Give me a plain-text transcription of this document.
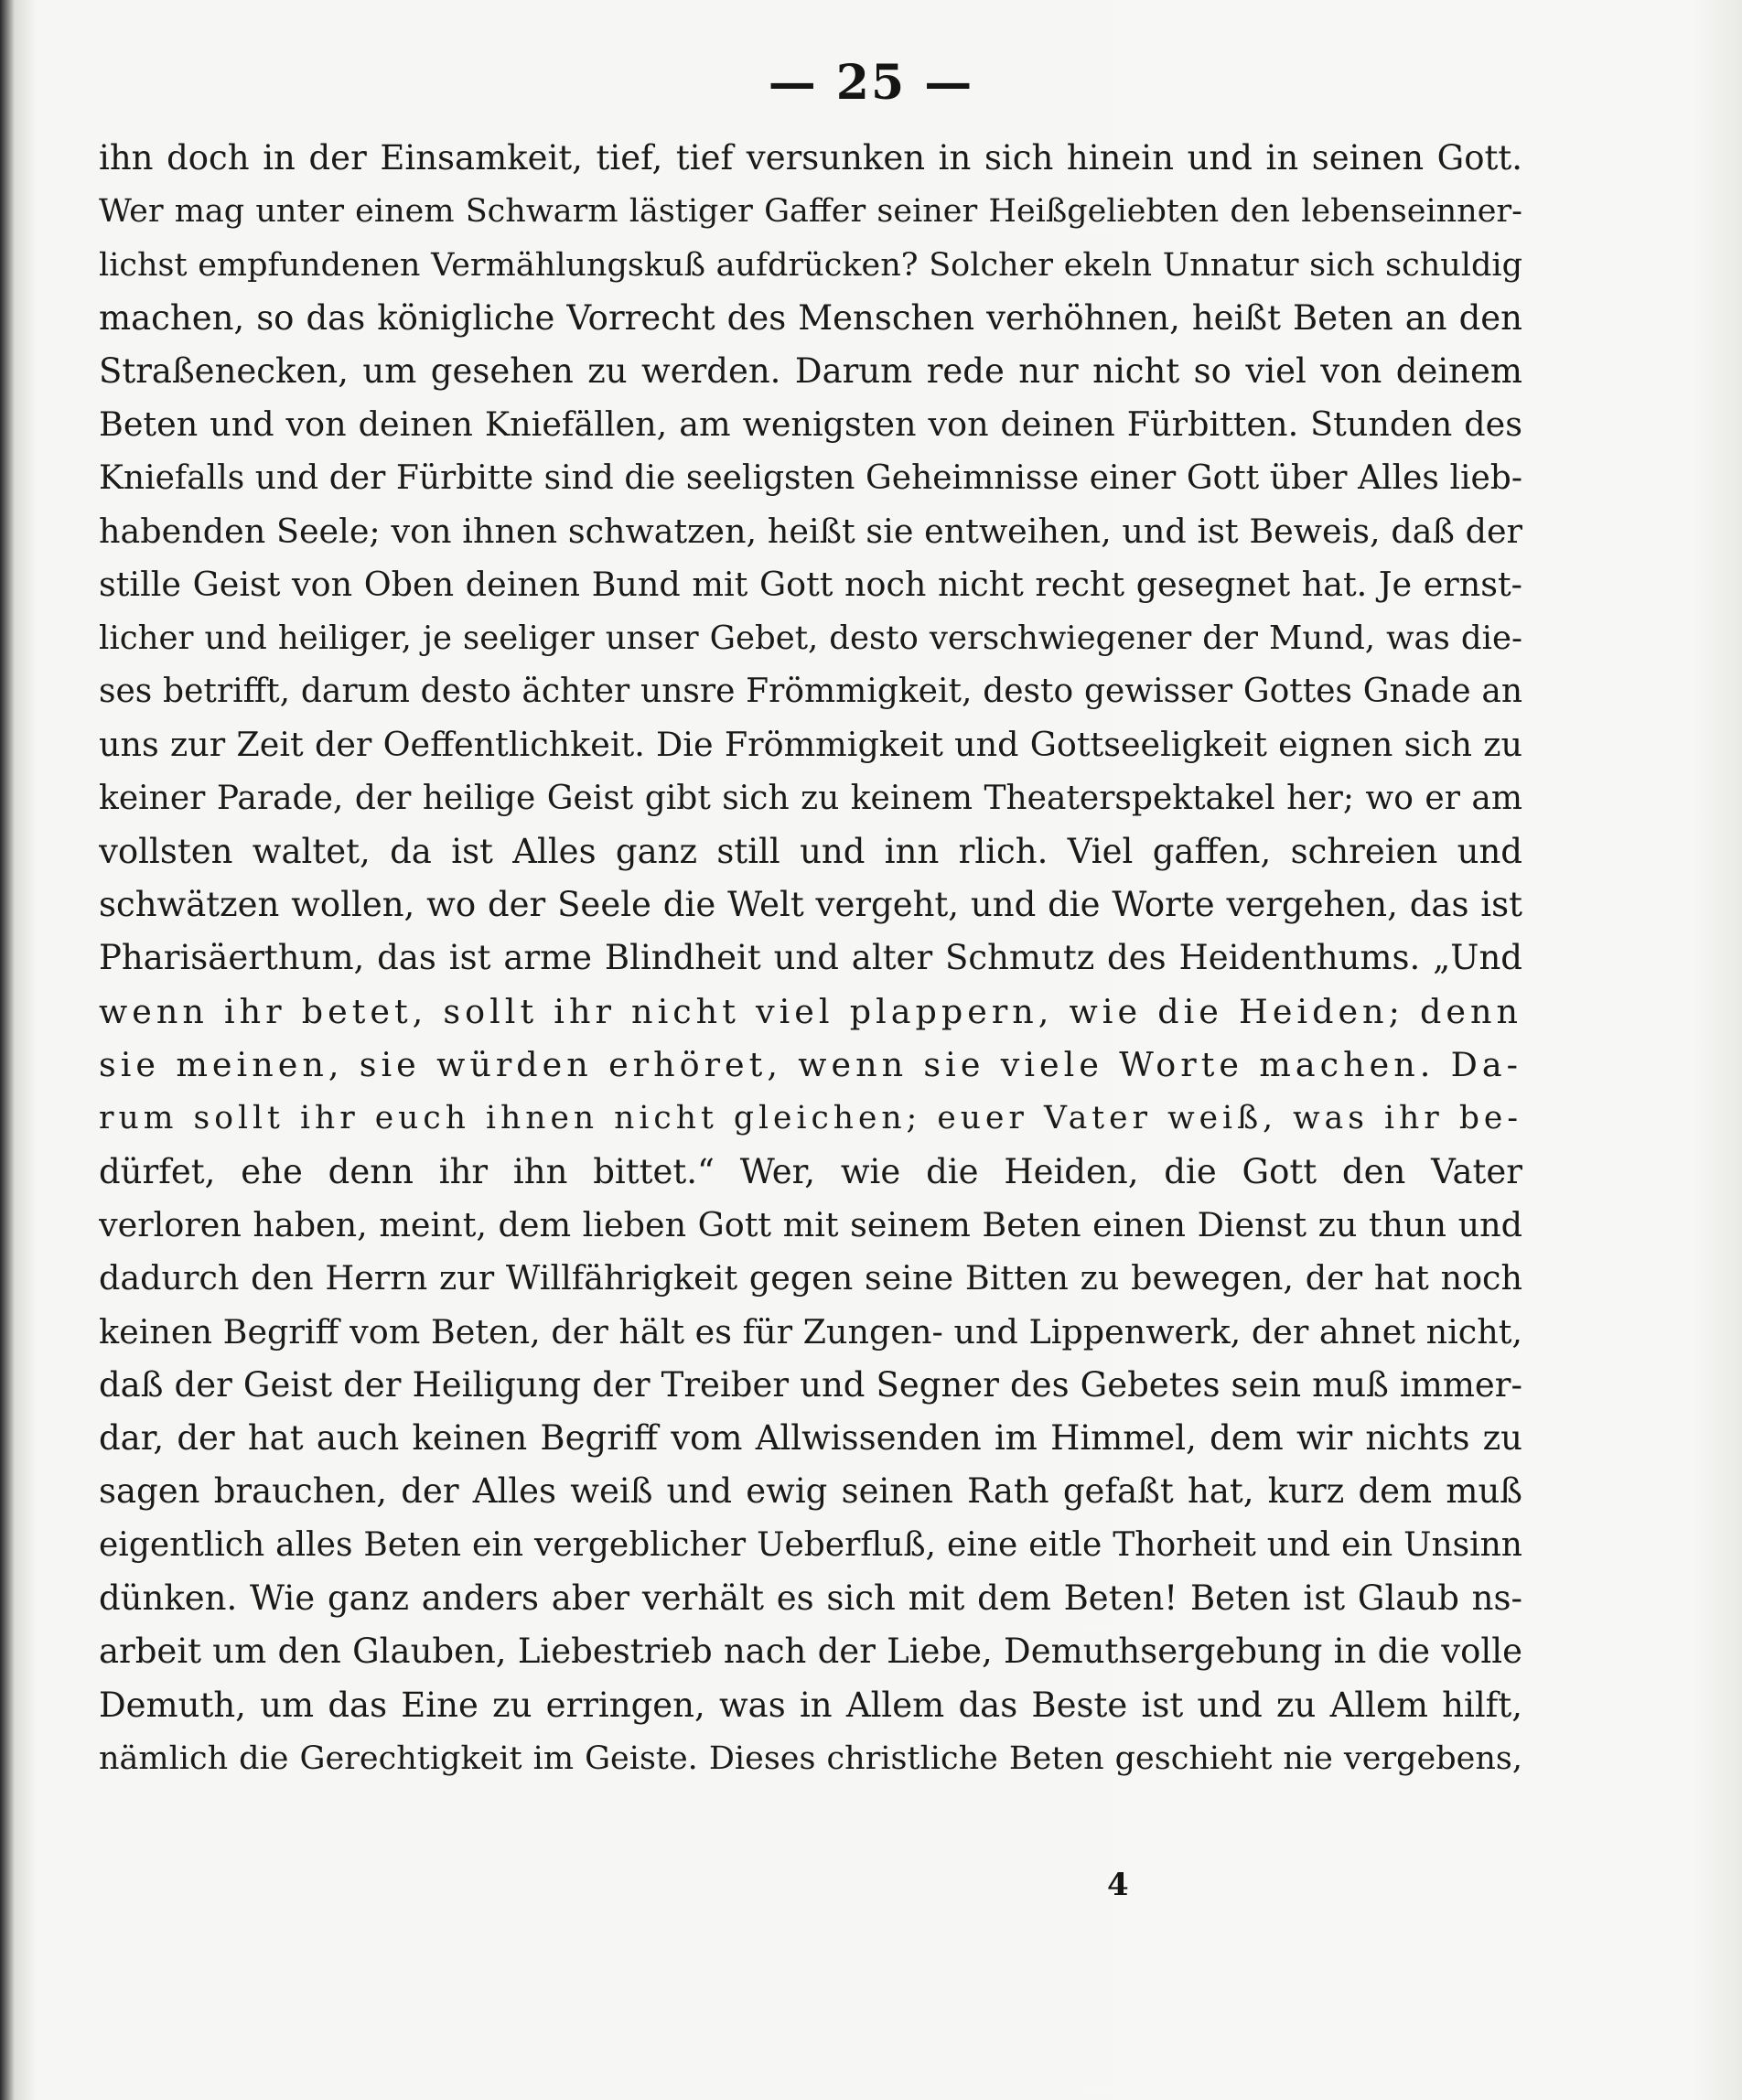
— 25 —
ihn doch in der Einsamkeit, tief, tief versunken in sich hinein und in seinen Gott.
Wer mag unter einem Schwarm lästiger Gaffer seiner Heißgeliebten den lebenseinner-
lichst empfundenen Vermählungskuß aufdrücken? Solcher ekeln Unnatur sich schuldig
machen, so das königliche Vorrecht des Menschen verhöhnen, heißt Beten an den
Straßenecken, um gesehen zu werden. Darum rede nur nicht so viel von deinem
Beten und von deinen Kniefällen, am wenigsten von deinen Fürbitten. Stunden des
Kniefalls und der Fürbitte sind die seeligsten Geheimnisse einer Gott über Alles lieb-
habenden Seele; von ihnen schwatzen, heißt sie entweihen, und ist Beweis, daß der
stille Geist von Oben deinen Bund mit Gott noch nicht recht gesegnet hat. Je ernst-
licher und heiliger, je seeliger unser Gebet, desto verschwiegener der Mund, was die-
ses betrifft, darum desto ächter unsre Frömmigkeit, desto gewisser Gottes Gnade an
uns zur Zeit der Oeffentlichkeit. Die Frömmigkeit und Gottseeligkeit eignen sich zu
keiner Parade, der heilige Geist gibt sich zu keinem Theaterspektakel her; wo er am
vollsten waltet, da ist Alles ganz still und inn rlich. Viel gaffen, schreien und
schwätzen wollen, wo der Seele die Welt vergeht, und die Worte vergehen, das ist
Pharisäerthum, das ist arme Blindheit und alter Schmutz des Heidenthums. „Und
wenn ihr betet, sollt ihr nicht viel plappern, wie die Heiden; denn
sie meinen, sie würden erhöret, wenn sie viele Worte machen. Da-
rum sollt ihr euch ihnen nicht gleichen; euer Vater weiß, was ihr be-
dürfet, ehe denn ihr ihn bittet.“ Wer, wie die Heiden, die Gott den Vater
verloren haben, meint, dem lieben Gott mit seinem Beten einen Dienst zu thun und
dadurch den Herrn zur Willfährigkeit gegen seine Bitten zu bewegen, der hat noch
keinen Begriff vom Beten, der hält es für Zungen- und Lippenwerk, der ahnet nicht,
daß der Geist der Heiligung der Treiber und Segner des Gebetes sein muß immer-
dar, der hat auch keinen Begriff vom Allwissenden im Himmel, dem wir nichts zu
sagen brauchen, der Alles weiß und ewig seinen Rath gefaßt hat, kurz dem muß
eigentlich alles Beten ein vergeblicher Ueberfluß, eine eitle Thorheit und ein Unsinn
dünken. Wie ganz anders aber verhält es sich mit dem Beten! Beten ist Glaub ns-
arbeit um den Glauben, Liebestrieb nach der Liebe, Demuthsergebung in die volle
Demuth, um das Eine zu erringen, was in Allem das Beste ist und zu Allem hilft,
nämlich die Gerechtigkeit im Geiste. Dieses christliche Beten geschieht nie vergebens,
4
